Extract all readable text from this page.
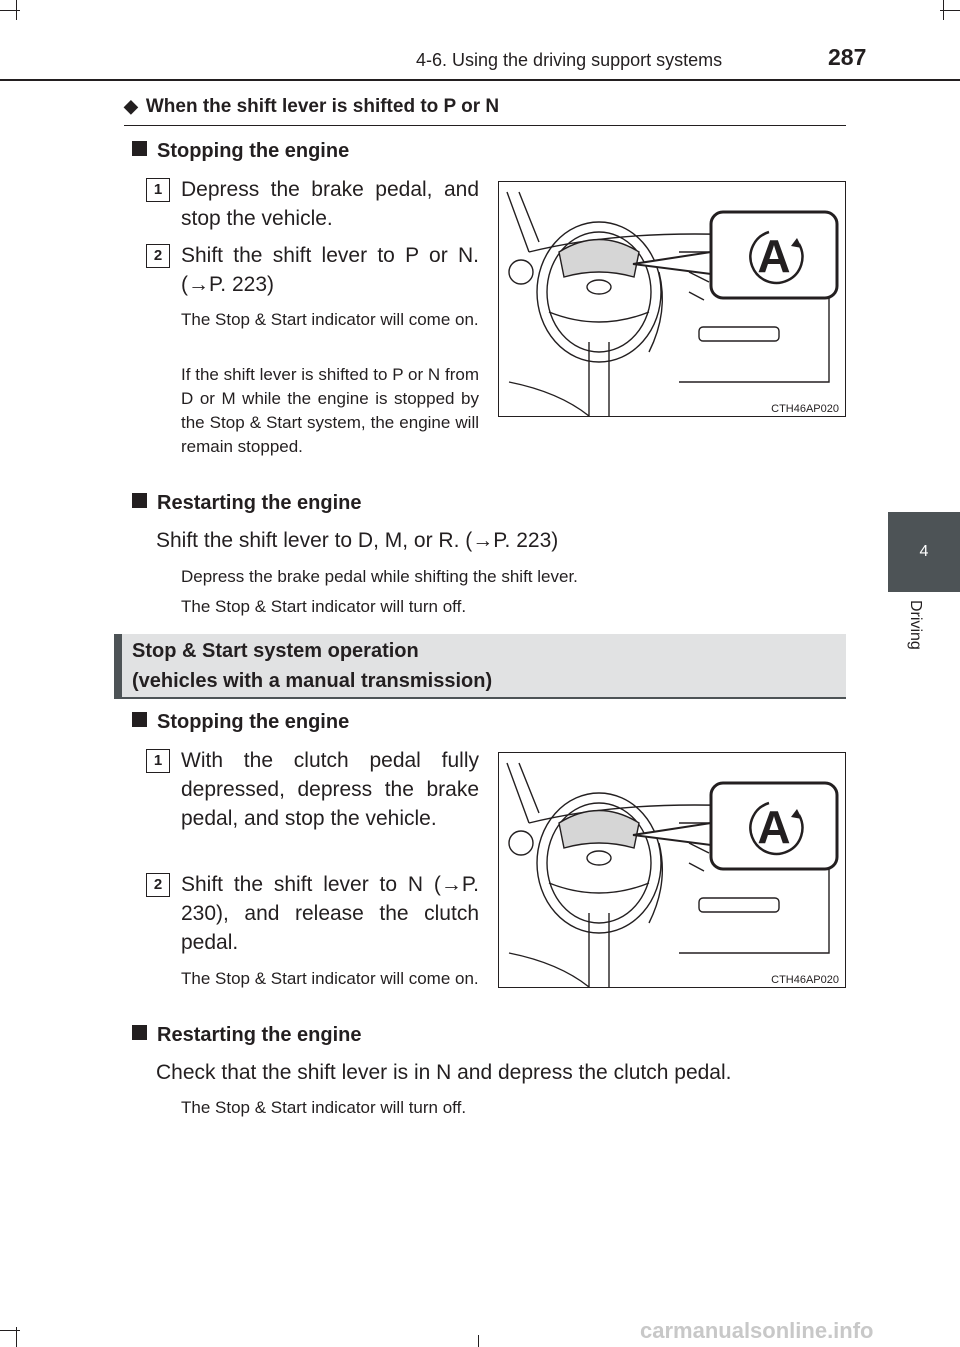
4-6. Using the driving support systems	287
4
Driving
◆ When the shift lever is shifted to P or N
Stopping the engine
1 Depress the brake pedal, and stop the vehicle.
2 Shift the shift lever to P or N. (→P. 223)
The Stop & Start indicator will come on.
If the shift lever is shifted to P or N from D or M while the engine is stopped by the Stop & Start system, the engine will remain stopped.
A
CTH46AP020
Restarting the engine
Shift the shift lever to D, M, or R. (→P. 223)
Depress the brake pedal while shifting the shift lever.
The Stop & Start indicator will turn off.
Stop & Start system operation
(vehicles with a manual transmission)
Stopping the engine
1 With the clutch pedal fully depressed, depress the brake pedal, and stop the vehicle.
2 Shift the shift lever to N (→P. 230), and release the clutch pedal.
The Stop & Start indicator will come on.
A
CTH46AP020
Restarting the engine
Check that the shift lever is in N and depress the clutch pedal.
The Stop & Start indicator will turn off.
carmanualsonline.info
